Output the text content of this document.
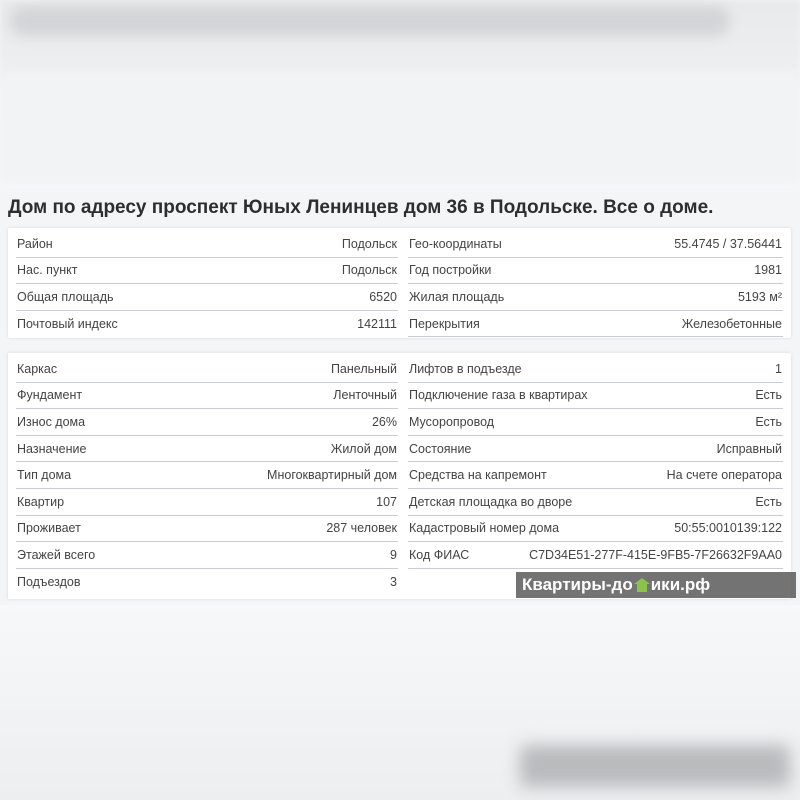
Дом по адресу проспект Юных Ленинцев дом 36 в Подольске. Все о доме.
Район	Подольск
Нас. пункт	Подольск
Общая площадь	6520
Почтовый индекс	142111
Гео-координаты	55.4745 / 37.56441
Год постройки	1981
Жилая площадь	5193 м²
Перекрытия	Железобетонные
Каркас	Панельный
Фундамент	Ленточный
Износ дома	26%
Назначение	Жилой дом
Тип дома	Многоквартирный дом
Квартир	107
Проживает	287 человек
Этажей всего	9
Подъездов	3
Лифтов в подъезде	1
Подключение газа в квартирах	Есть
Мусоропровод	Есть
Состояние	Исправный
Средства на капремонт	На счете оператора
Детская площадка во дворе	Есть
Кадастровый номер дома	50:55:0010139:122
Код ФИАС	C7D34E51-277F-415E-9FB5-7F26632F9AA0
Квартиры-до ики.рф
